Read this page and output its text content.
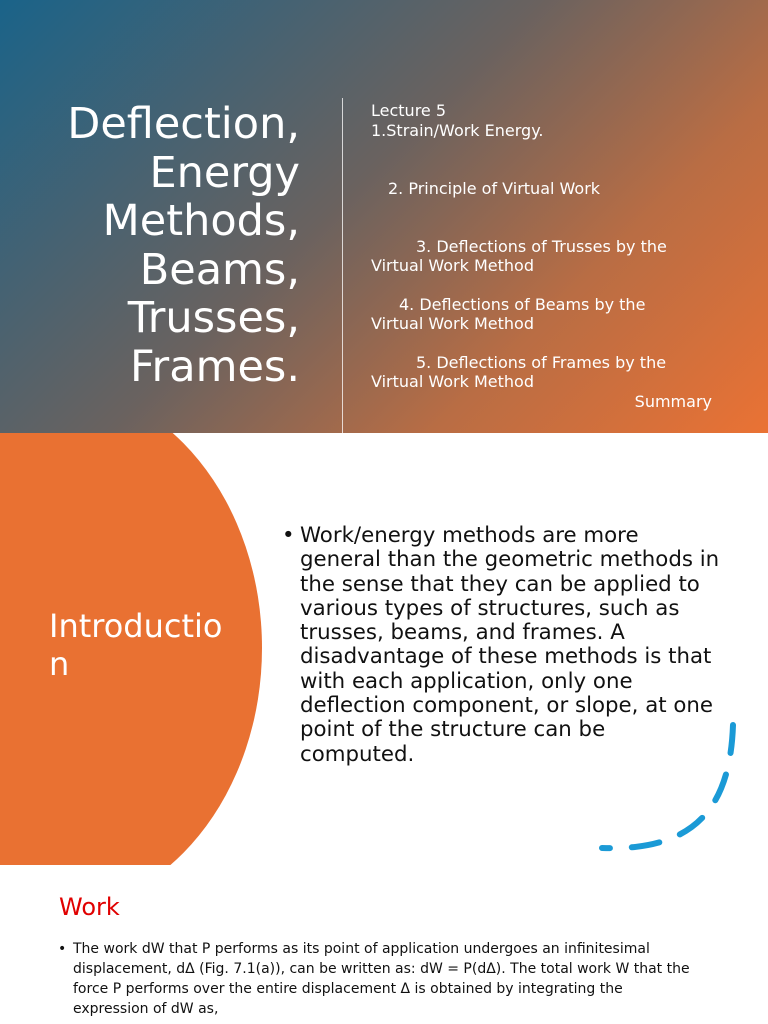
Deflection, Energy Methods, Beams, Trusses, Frames.
Lecture 5
1.Strain/Work Energy.
2. Principle of Virtual Work
3. Deflections of Trusses by the
Virtual Work Method
4. Deflections of Beams by the
Virtual Work Method
5. Deflections of Frames by the
Virtual Work Method
Summary
Introduction
• Work/energy methods are more general than the geometric methods in the sense that they can be applied to various types of structures, such as trusses, beams, and frames. A disadvantage of these methods is that with each application, only one deflection component, or slope, at one point of the structure can be computed.
Work
• The work dW that P performs as its point of application undergoes an infinitesimal displacement, dΔ (Fig. 7.1(a)), can be written as: dW = P(dΔ). The total work W that the force P performs over the entire displacement Δ is obtained by integrating the expression of dW as,
